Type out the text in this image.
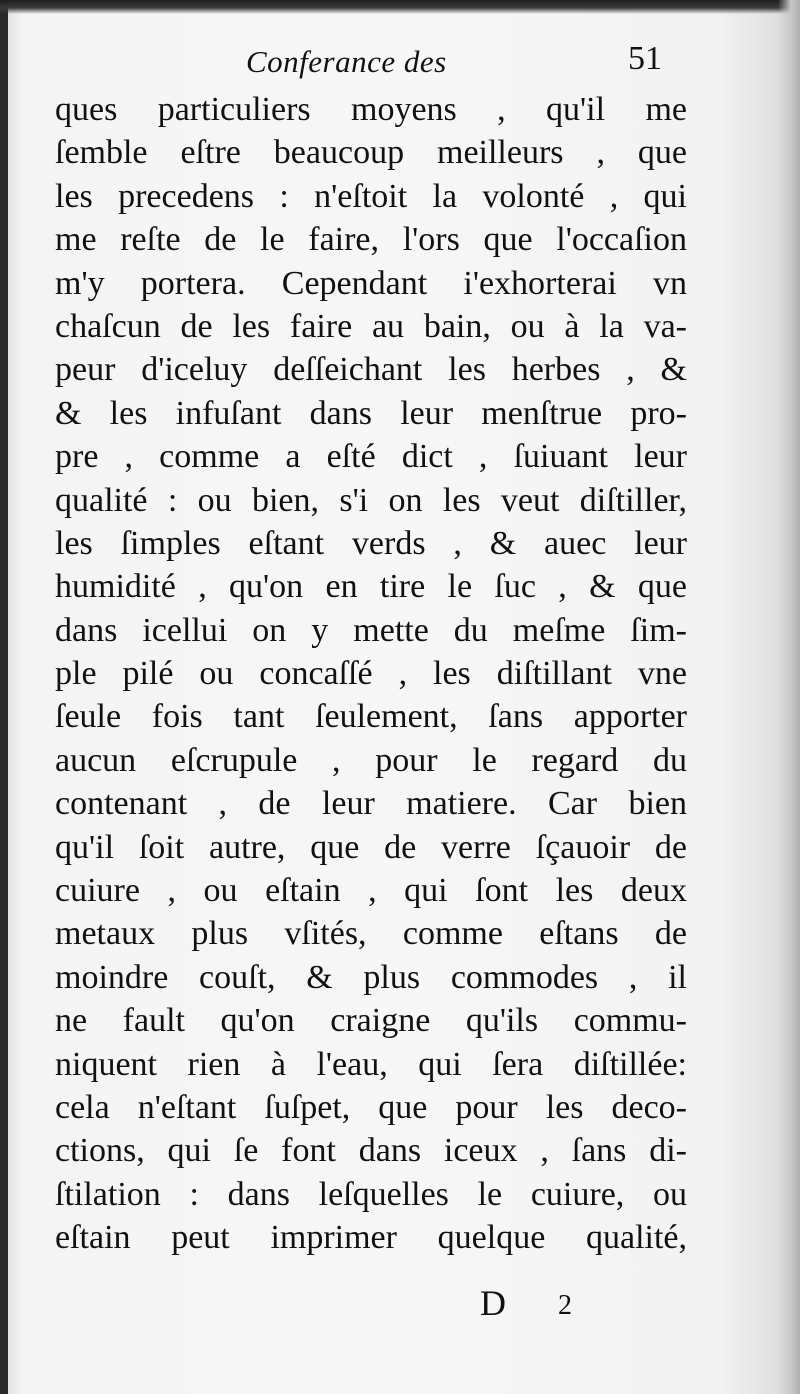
Conferance des	51
ques particuliers moyens , qu'il me
ſemble eſtre beaucoup meilleurs , que
les precedens : n'eſtoit la volonté , qui
me reſte de le faire, l'ors que l'occaſion
m'y portera. Cependant i'exhorterai vn
chaſcun de les faire au bain, ou à la va-
peur d'iceluy deſſeichant les herbes , &
& les infuſant dans leur menſtrue pro-
pre , comme a eſté dict , ſuiuant leur
qualité : ou bien, s'i on les veut diſtiller,
les ſimples eſtant verds , & auec leur
humidité , qu'on en tire le ſuc , & que
dans icellui on y mette du meſme ſim-
ple pilé ou concaſſé , les diſtillant vne
ſeule fois tant ſeulement, ſans apporter
aucun eſcrupule , pour le regard du
contenant , de leur matiere. Car bien
qu'il ſoit autre, que de verre ſçauoir de
cuiure , ou eſtain , qui ſont les deux
metaux plus vſités, comme eſtans de
moindre couſt, & plus commodes , il
ne fault qu'on craigne qu'ils commu-
niquent rien à l'eau, qui ſera diſtillée:
cela n'eſtant ſuſpet, que pour les deco-
ctions, qui ſe font dans iceux , ſans di-
ſtilation : dans leſquelles le cuiure, ou
eſtain peut imprimer quelque qualité,
D 2
